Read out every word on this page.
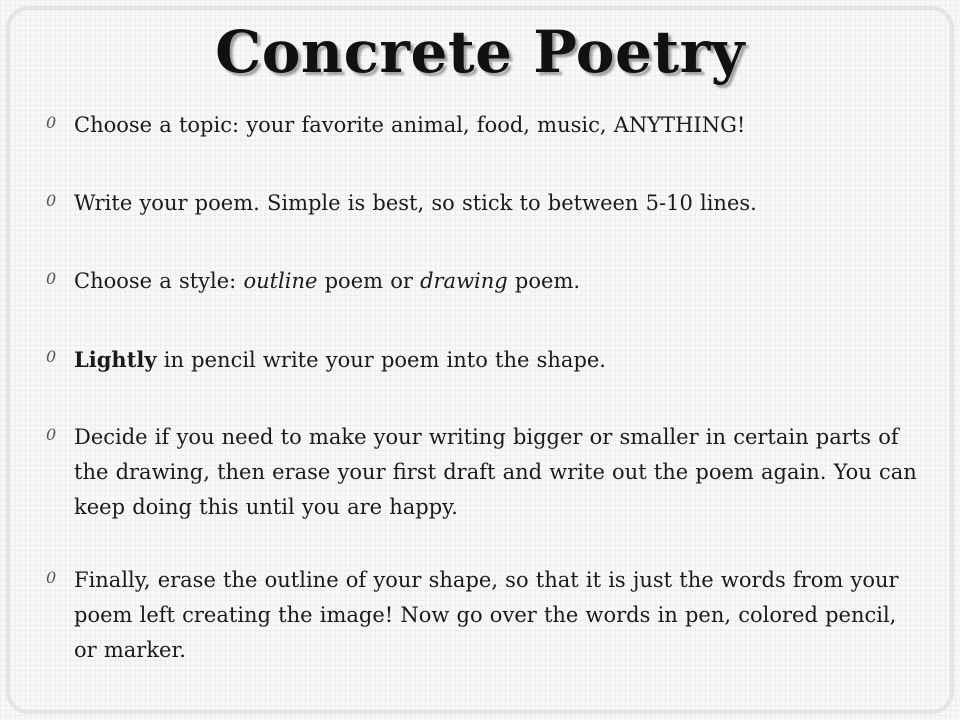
Concrete Poetry
0 Choose a topic: your favorite animal, food, music, ANYTHING!
0 Write your poem. Simple is best, so stick to between 5-10 lines.
0 Choose a style: outline poem or drawing poem.
0 Lightly in pencil write your poem into the shape.
0 Decide if you need to make your writing bigger or smaller in certain parts of the drawing, then erase your first draft and write out the poem again. You can keep doing this until you are happy.
0 Finally, erase the outline of your shape, so that it is just the words from your poem left creating the image! Now go over the words in pen, colored pencil, or marker.
